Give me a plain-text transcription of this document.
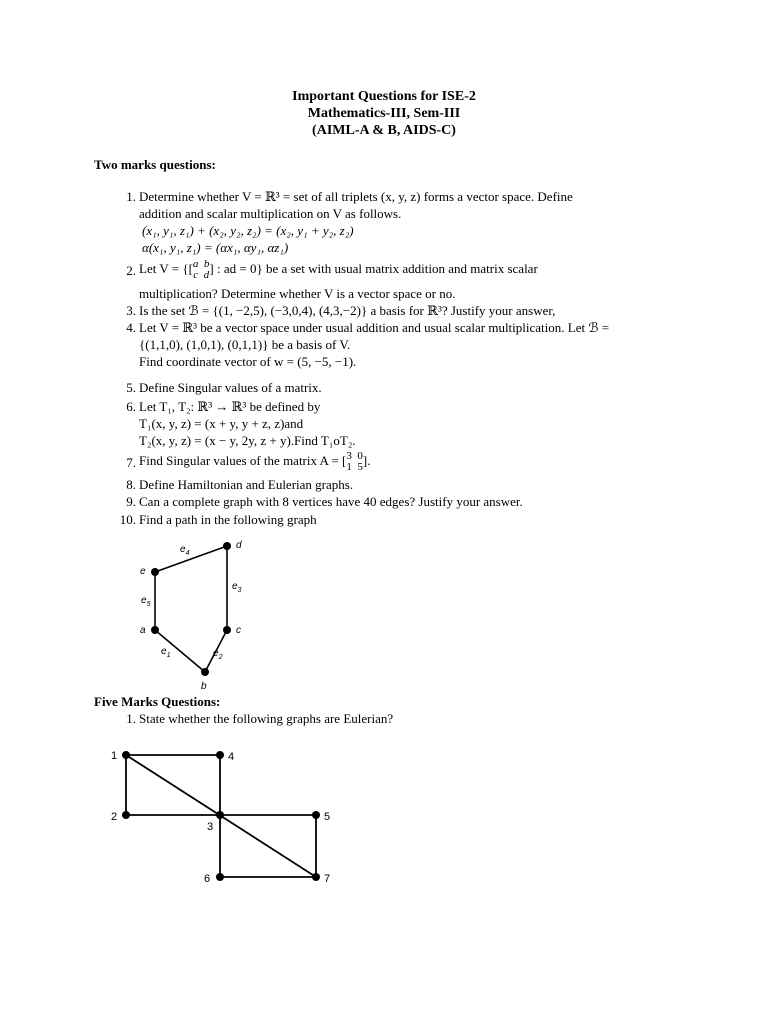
Important Questions for ISE-2
Mathematics-III, Sem-III
(AIML-A & B, AIDS-C)
Two marks questions:
1. Determine whether V = ℝ³ = set of all triplets (x, y, z) forms a vector space. Define
addition and scalar multiplication on V as follows.
(x₁, y₁, z₁) + (x₂, y₂, z₂) = (x₂, y₁ + y₂, z₂)
α(x₁, y₁, z₁) = (αx₁, αy₁, αz₁)
2. Let V = {[a b
c d] : ad = 0} be a set with usual matrix addition and matrix scalar
multiplication? Determine whether V is a vector space or no.
3. Is the set ℬ = {(1, −2,5), (−3,0,4), (4,3,−2)} a basis for ℝ³? Justify your answer,
4. Let V = ℝ³ be a vector space under usual addition and usual scalar multiplication. Let ℬ =
{(1,1,0), (1,0,1), (0,1,1)} be a basis of V.
Find coordinate vector of w = (5, −5, −1).
5. Define Singular values of a matrix.
6. Let T₁, T₂: ℝ³ → ℝ³ be defined by
T₁(x, y, z) = (x + y, y + z, z)and
T₂(x, y, z) = (x − y, 2y, z + y).Find T₁oT₂.
7. Find Singular values of the matrix A = [3 0
1 5].
8. Define Hamiltonian and Eulerian graphs.
9. Can a complete graph with 8 vertices have 40 edges? Justify your answer.
10. Find a path in the following graph
d
e
a	c
b
$e_4$
$e_3$
$e_5$
$e_1$	$e_2$
Five Marks Questions:
1. State whether the following graphs are Eulerian?
1
2
3
4
5
6	7
